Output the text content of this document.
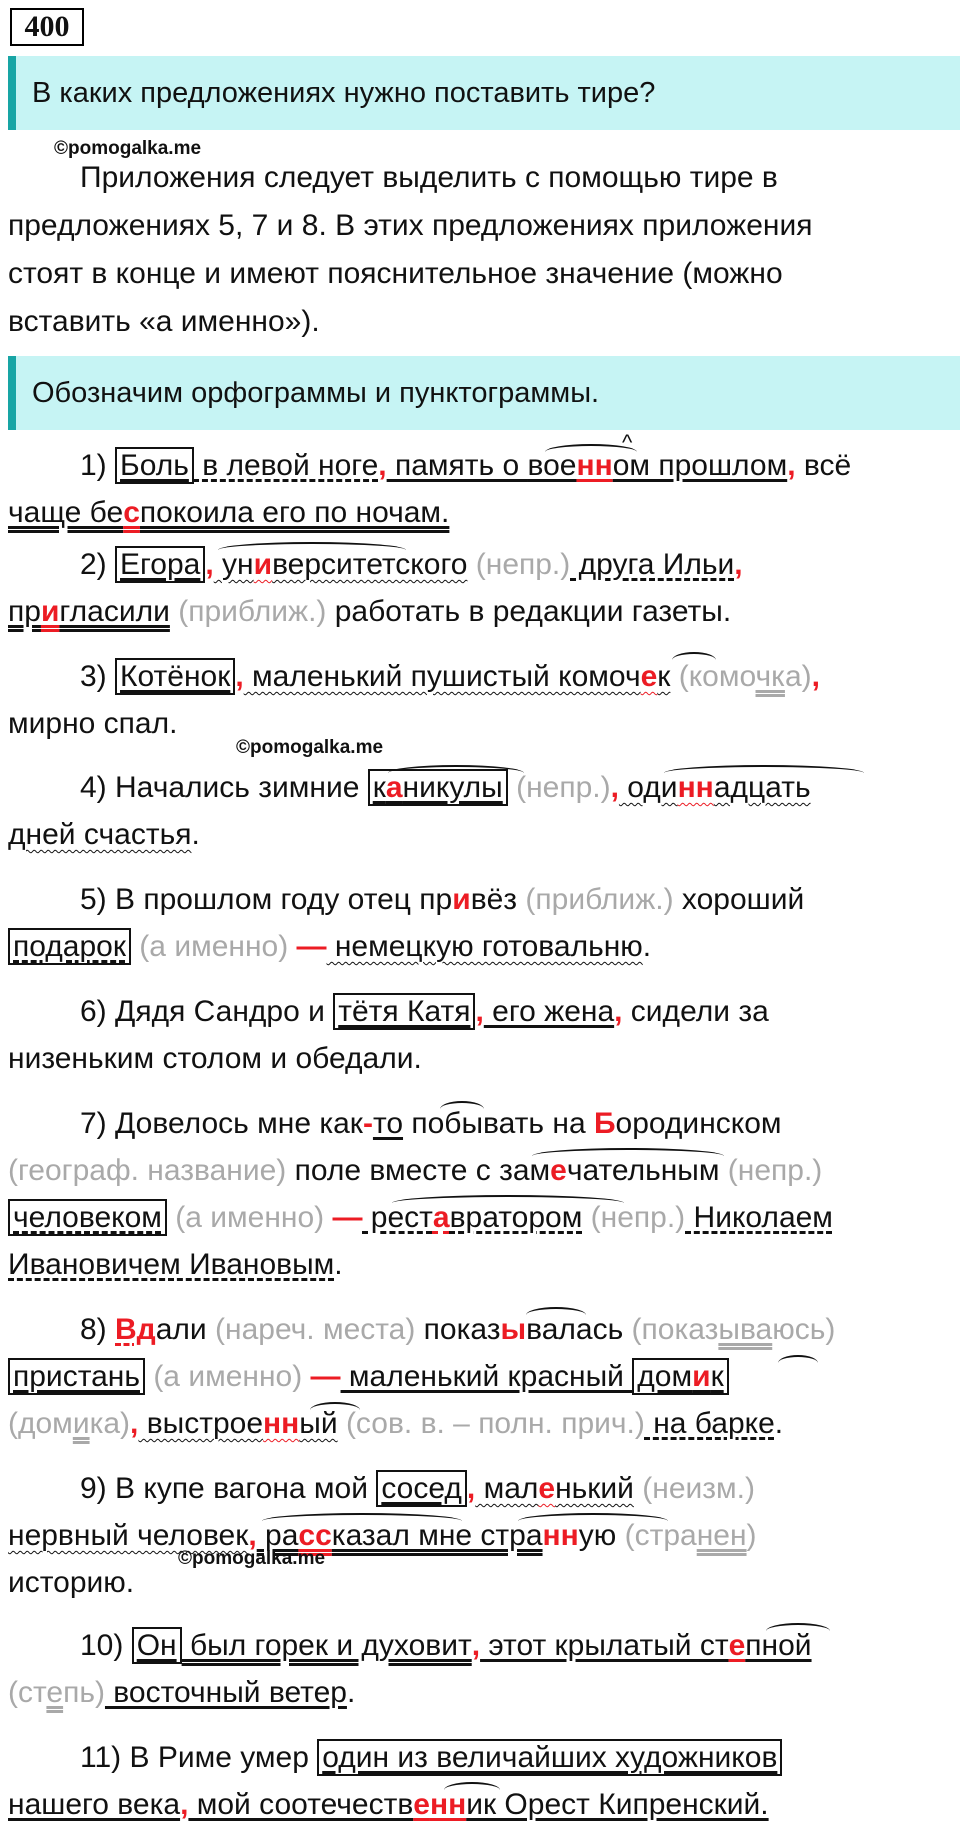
400
В каких предложениях нужно поставить тире?
©pomogalka.me
Приложения следует выделить с помощью тире в
предложениях 5, 7 и 8. В этих предложениях приложения
стоят в конце и имеют пояснительное значение (можно
вставить «а именно»).
Обозначим орфограммы и пунктограммы.
1) Боль в левой ноге, память о военном прошлом, всё
чаще беспокоила его по ночам.
2) Егора , университетского (непр.) друга Ильи,
пригласили (приближ.) работать в редакции газеты.
3) Котёнок , маленький пушистый комочек (комочка),
мирно спал.
©pomogalka.me
4) Начались зимние каникулы (непр.), одиннадцать
дней счастья.
5) В прошлом году отец привёз (приближ.) хороший
подарок (а именно) — немецкую готовальню.
6) Дядя Сандро и тётя Катя , его жена, сидели за
низеньким столом и обедали.
7) Довелось мне как-то побывать на Бородинском
(географ. название) поле вместе с замечательным (непр.)
человеком (а именно) — реставратором (непр.) Николаем
Ивановичем Ивановым.
8) Вдали (нареч. места) показывалась (показываюсь)
пристань (а именно) — маленький красный домик
(домика), выстроенный (сов. в. – полн. прич.) на барке.
9) В купе вагона мой сосед , маленький (неизм.)
нервный человек, рассказал мне странную (странен)
©pomogalka.me
историю.
10) Он был горек и духовит, этот крылатый степной
(степь) восточный ветер.
11) В Риме умер один из величайших художников
нашего века, мой соотечественник Орест Кипренский.
^
